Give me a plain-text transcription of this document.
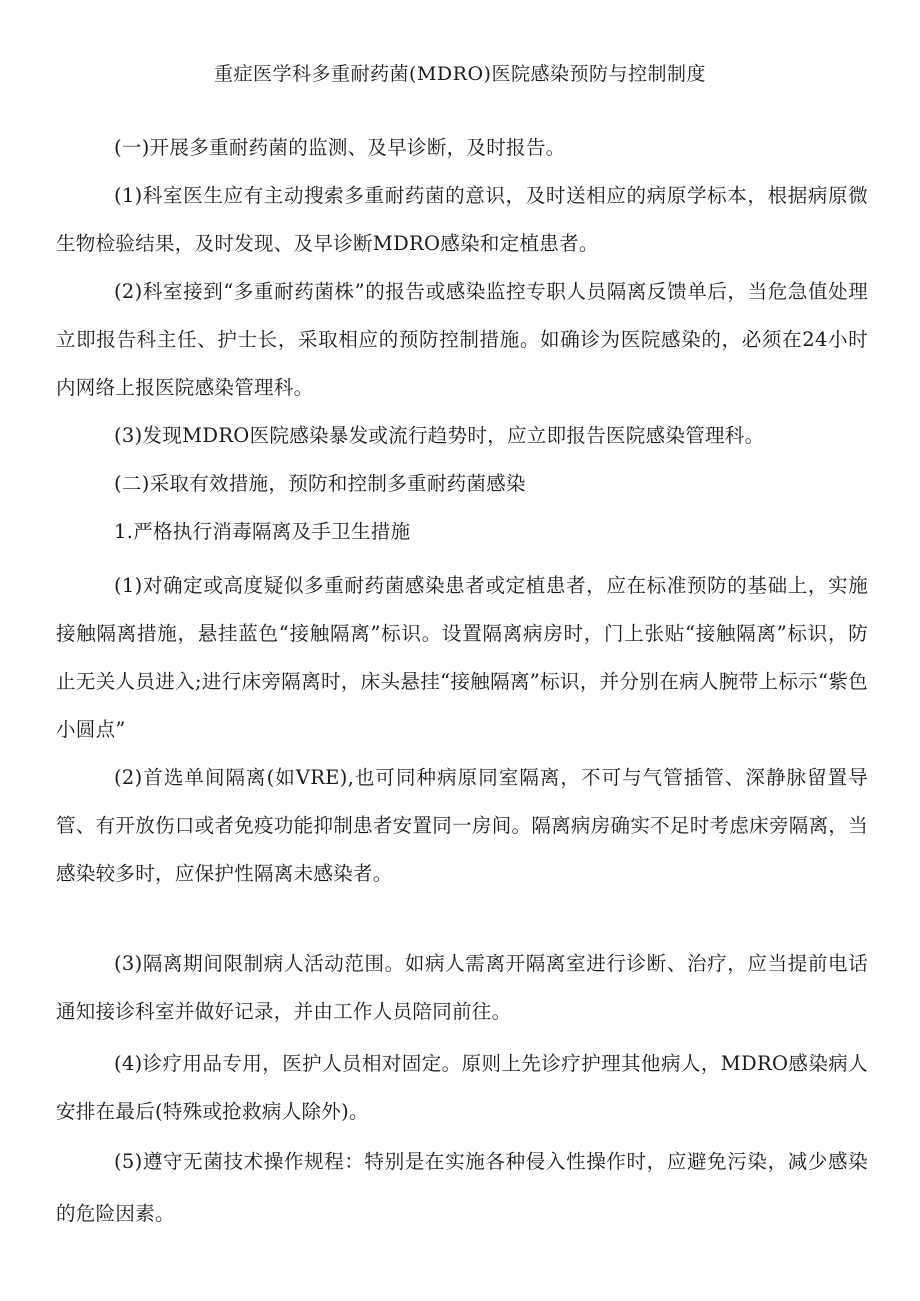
重症医学科多重耐药菌(MDRO)医院感染预防与控制制度

(一)开展多重耐药菌的监测、及早诊断，及时报告。

(1)科室医生应有主动搜索多重耐药菌的意识，及时送相应的病原学标本，根据病原微生物检验结果，及时发现、及早诊断MDRO感染和定植患者。

(2)科室接到“多重耐药菌株”的报告或感染监控专职人员隔离反馈单后，当危急值处理立即报告科主任、护士长，采取相应的预防控制措施。如确诊为医院感染的，必须在24小时内网络上报医院感染管理科。

(3)发现MDRO医院感染暴发或流行趋势时，应立即报告医院感染管理科。

(二)采取有效措施，预防和控制多重耐药菌感染

1.严格执行消毒隔离及手卫生措施

(1)对确定或高度疑似多重耐药菌感染患者或定植患者，应在标准预防的基础上，实施接触隔离措施，悬挂蓝色“接触隔离”标识。设置隔离病房时，门上张贴“接触隔离”标识，防止无关人员进入;进行床旁隔离时，床头悬挂“接触隔离”标识，并分别在病人腕带上标示“紫色小圆点”

(2)首选单间隔离(如VRE),也可同种病原同室隔离，不可与气管插管、深静脉留置导管、有开放伤口或者免疫功能抑制患者安置同一房间。隔离病房确实不足时考虑床旁隔离，当感染较多时，应保护性隔离未感染者。

(3)隔离期间限制病人活动范围。如病人需离开隔离室进行诊断、治疗，应当提前电话通知接诊科室并做好记录，并由工作人员陪同前往。

(4)诊疗用品专用，医护人员相对固定。原则上先诊疗护理其他病人，MDRO感染病人安排在最后(特殊或抢救病人除外)。

(5)遵守无菌技术操作规程：特别是在实施各种侵入性操作时，应避免污染，减少感染的危险因素。
